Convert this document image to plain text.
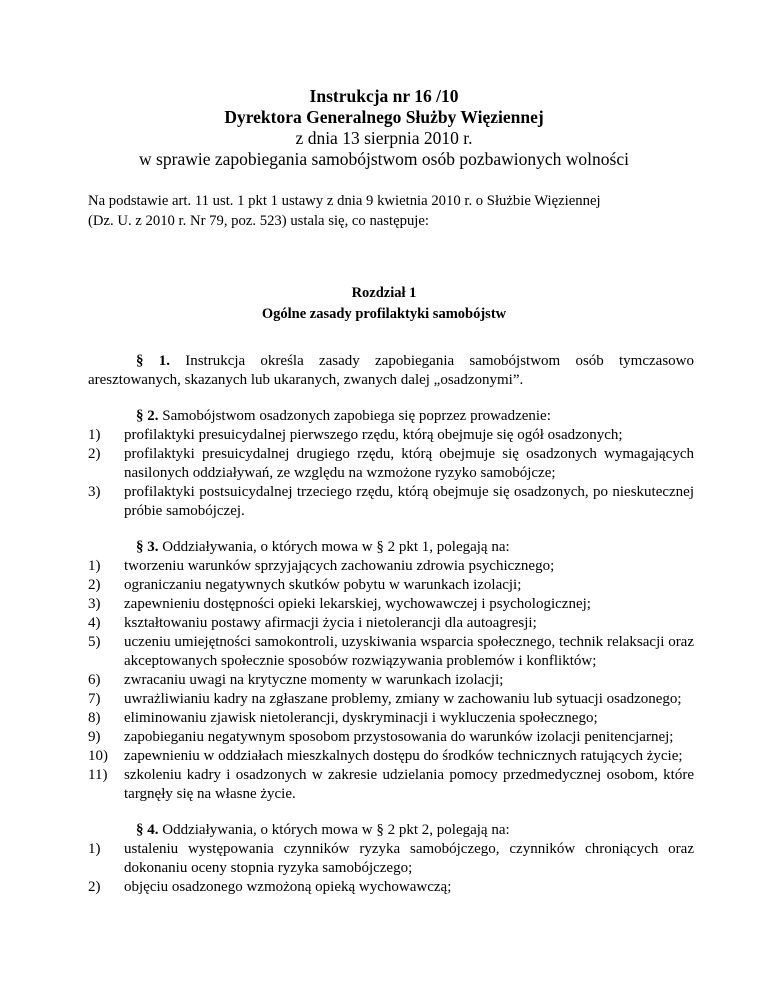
Instrukcja nr 16 /10
Dyrektora Generalnego Służby Więziennej
z dnia 13 sierpnia 2010 r.
w sprawie zapobiegania samobójstwom osób pozbawionych wolności
Na podstawie art. 11 ust. 1 pkt 1 ustawy z dnia 9 kwietnia 2010 r. o Służbie Więziennej
(Dz. U. z 2010 r. Nr 79, poz. 523) ustala się, co następuje:
Rozdział 1
Ogólne zasady profilaktyki samobójstw

§ 1. Instrukcja określa zasady zapobiegania samobójstwom osób tymczasowo aresztowanych, skazanych lub ukaranych, zwanych dalej „osadzonymi”.

§ 2. Samobójstwom osadzonych zapobiega się poprzez prowadzenie:

1)	profilaktyki presuicydalnej pierwszego rzędu, którą obejmuje się ogół osadzonych;
2)	profilaktyki presuicydalnej drugiego rzędu, którą obejmuje się osadzonych wymagających nasilonych oddziaływań, ze względu na wzmożone ryzyko samobójcze;
3)	profilaktyki postsuicydalnej trzeciego rzędu, którą obejmuje się osadzonych, po nieskutecznej próbie samobójczej.

§ 3. Oddziaływania, o których mowa w § 2 pkt 1, polegają na:

1)	tworzeniu warunków sprzyjających zachowaniu zdrowia psychicznego;
2)	ograniczaniu negatywnych skutków pobytu w warunkach izolacji;
3)	zapewnieniu dostępności opieki lekarskiej, wychowawczej i psychologicznej;
4)	kształtowaniu postawy afirmacji życia i nietolerancji dla autoagresji;
5)	uczeniu umiejętności samokontroli, uzyskiwania wsparcia społecznego, technik relaksacji oraz akceptowanych społecznie sposobów rozwiązywania problemów i konfliktów;
6)	zwracaniu uwagi na krytyczne momenty w warunkach izolacji;
7)	uwrażliwianiu kadry na zgłaszane problemy, zmiany w zachowaniu lub sytuacji osadzonego;
8)	eliminowaniu zjawisk nietolerancji, dyskryminacji i wykluczenia społecznego;
9)	zapobieganiu negatywnym sposobom przystosowania do warunków izolacji penitencjarnej;
10)	zapewnieniu w oddziałach mieszkalnych dostępu do środków technicznych ratujących życie;
11)	szkoleniu kadry i osadzonych w zakresie udzielania pomocy przedmedycznej osobom, które targnęły się na własne życie.

§ 4. Oddziaływania, o których mowa w § 2 pkt 2, polegają na:

1)	ustaleniu występowania czynników ryzyka samobójczego, czynników chroniących oraz dokonaniu oceny stopnia ryzyka samobójczego;
2)	objęciu osadzonego wzmożoną opieką wychowawczą;
